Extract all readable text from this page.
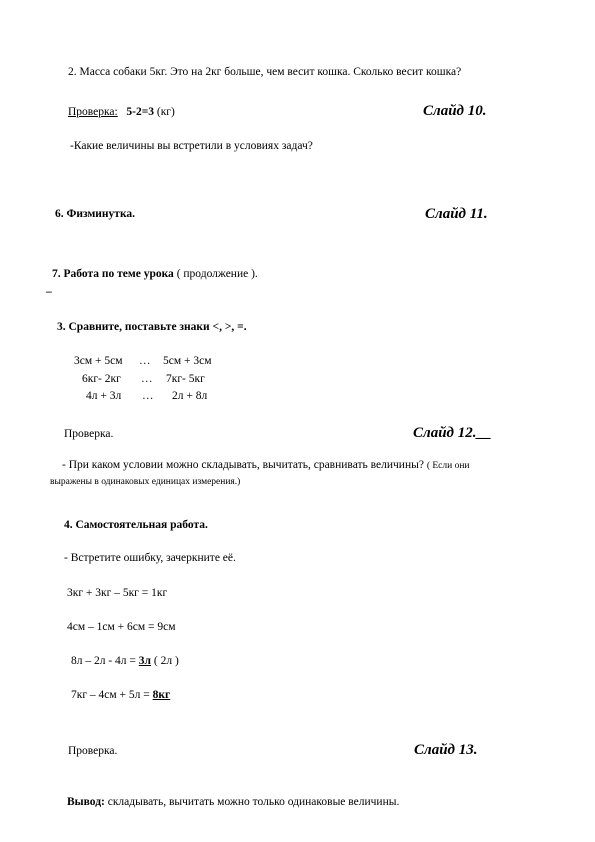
2. Масса собаки 5кг. Это на 2кг больше, чем весит кошка. Сколько весит кошка?
Проверка: 5-2=3 (кг)	Слайд 10.
-Какие величины вы встретили в условиях задач?
6. Физминутка.	Слайд 11.
7. Работа по теме урока ( продолжение ).
–
3. Сравните, поставьте знаки <, >, =.
3см + 5см … 5см + 3см
6кг- 2кг … 7кг- 5кг
4л + 3л … 2л + 8л
Проверка.	Слайд 12.__
- При каком условии можно складывать, вычитать, сравнивать величины? ( Если они
выражены в одинаковых единицах измерения.)
4. Самостоятельная работа.
- Встретите ошибку, зачеркните её.
3кг + 3кг – 5кг = 1кг
4см – 1см + 6см = 9см
8л – 2л - 4л = 3л ( 2л )
7кг – 4см + 5л = 8кг
Проверка.	Слайд 13.
Вывод: складывать, вычитать можно только одинаковые величины.
